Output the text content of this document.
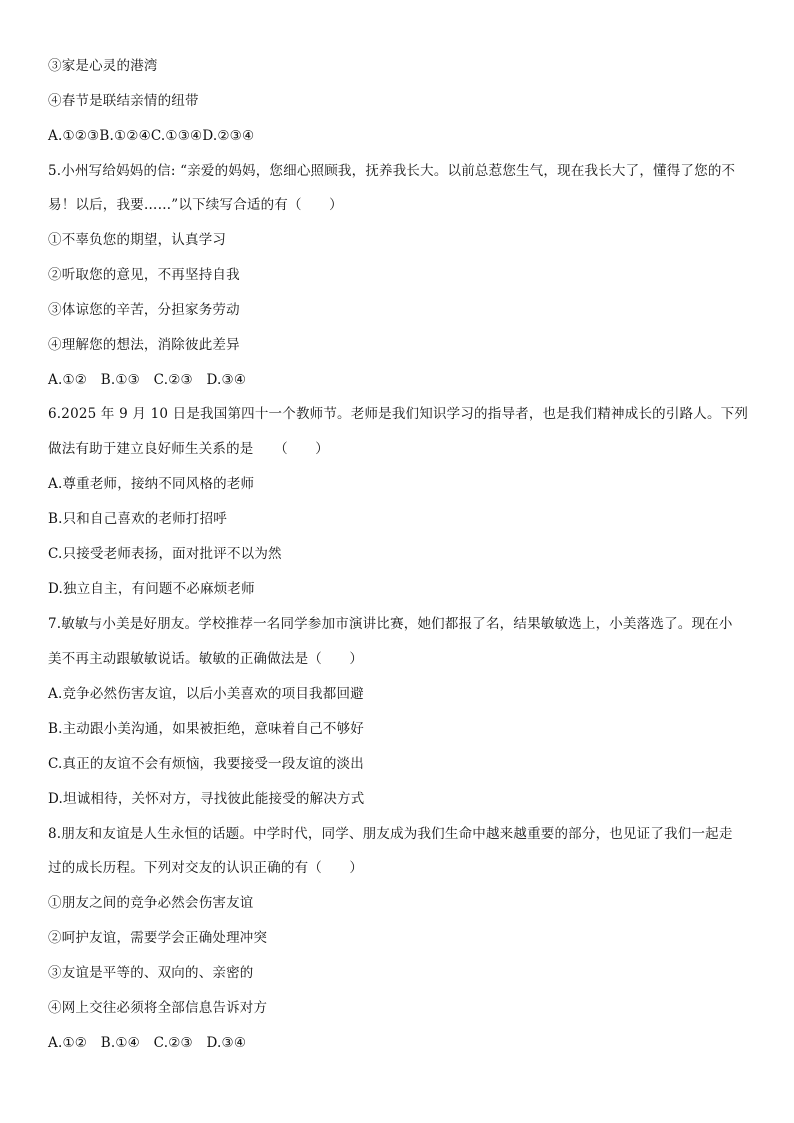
③家是心灵的港湾
④春节是联结亲情的纽带
A.①②③B.①②④C.①③④D.②③④
5.小州写给妈妈的信: “亲爱的妈妈，您细心照顾我，抚养我长大。以前总惹您生气，现在我长大了，懂得了您的不
易！以后，我要……”以下续写合适的有（　　）
①不辜负您的期望，认真学习
②听取您的意见，不再坚持自我
③体谅您的辛苦，分担家务劳动
④理解您的想法，消除彼此差异
A.①②　B.①③　C.②③　D.③④
6.2025 年 9 月 10 日是我国第四十一个教师节。老师是我们知识学习的指导者，也是我们精神成长的引路人。下列
做法有助于建立良好师生关系的是　　（　　）
A.尊重老师，接纳不同风格的老师
B.只和自己喜欢的老师打招呼
C.只接受老师表扬，面对批评不以为然
D.独立自主，有问题不必麻烦老师
7.敏敏与小美是好朋友。学校推荐一名同学参加市演讲比赛，她们都报了名，结果敏敏选上，小美落选了。现在小
美不再主动跟敏敏说话。敏敏的正确做法是（　　）
A.竞争必然伤害友谊，以后小美喜欢的项目我都回避
B.主动跟小美沟通，如果被拒绝，意味着自己不够好
C.真正的友谊不会有烦恼，我要接受一段友谊的淡出
D.坦诚相待，关怀对方，寻找彼此能接受的解决方式
8.朋友和友谊是人生永恒的话题。中学时代，同学、朋友成为我们生命中越来越重要的部分，也见证了我们一起走
过的成长历程。下列对交友的认识正确的有（　　）
①朋友之间的竞争必然会伤害友谊
②呵护友谊，需要学会正确处理冲突
③友谊是平等的、双向的、亲密的
④网上交往必须将全部信息告诉对方
A.①②　B.①④　C.②③　D.③④
